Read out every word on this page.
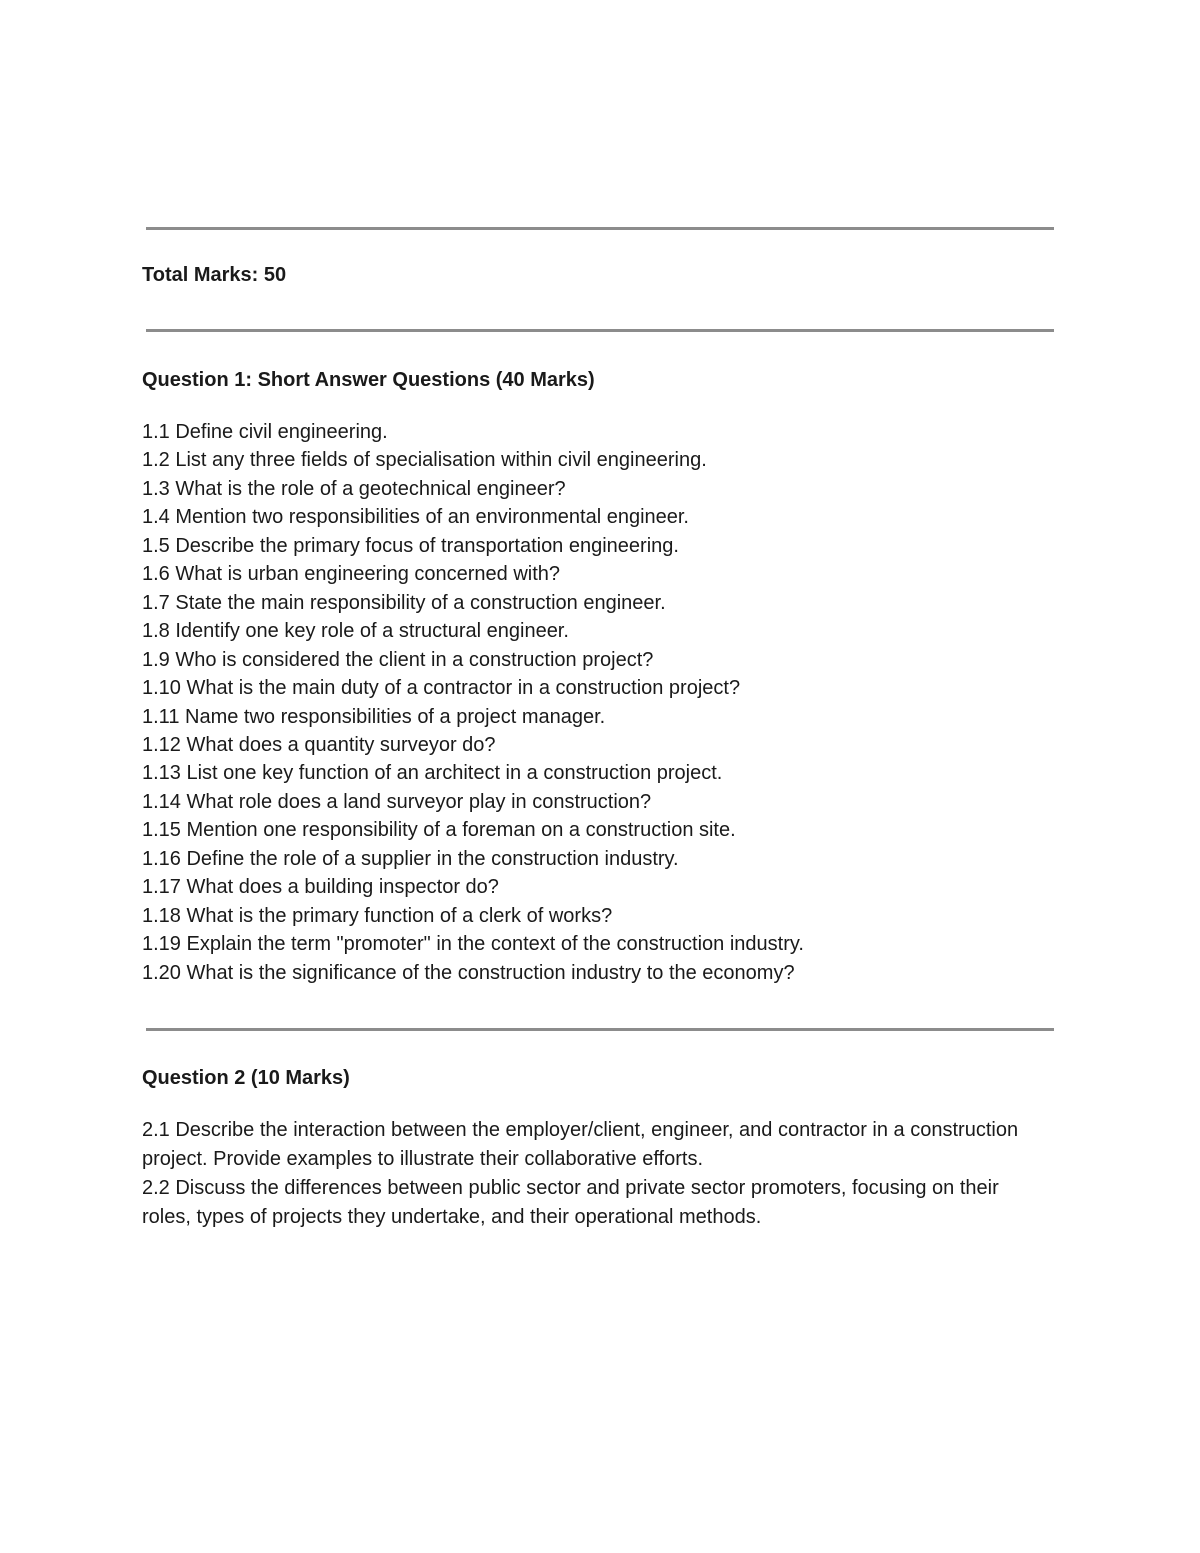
Total Marks: 50
Question 1: Short Answer Questions (40 Marks)
1.1 Define civil engineering.
1.2 List any three fields of specialisation within civil engineering.
1.3 What is the role of a geotechnical engineer?
1.4 Mention two responsibilities of an environmental engineer.
1.5 Describe the primary focus of transportation engineering.
1.6 What is urban engineering concerned with?
1.7 State the main responsibility of a construction engineer.
1.8 Identify one key role of a structural engineer.
1.9 Who is considered the client in a construction project?
1.10 What is the main duty of a contractor in a construction project?
1.11 Name two responsibilities of a project manager.
1.12 What does a quantity surveyor do?
1.13 List one key function of an architect in a construction project.
1.14 What role does a land surveyor play in construction?
1.15 Mention one responsibility of a foreman on a construction site.
1.16 Define the role of a supplier in the construction industry.
1.17 What does a building inspector do?
1.18 What is the primary function of a clerk of works?
1.19 Explain the term "promoter" in the context of the construction industry.
1.20 What is the significance of the construction industry to the economy?
Question 2 (10 Marks)
2.1 Describe the interaction between the employer/client, engineer, and contractor in a construction project. Provide examples to illustrate their collaborative efforts.
2.2 Discuss the differences between public sector and private sector promoters, focusing on their roles, types of projects they undertake, and their operational methods.
